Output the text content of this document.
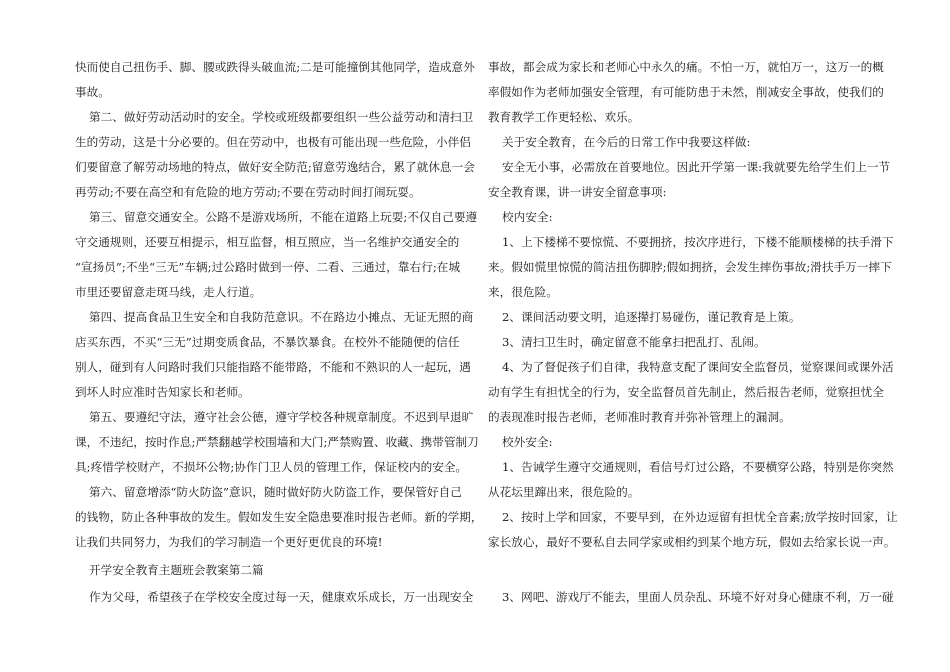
快而使自己扭伤手、脚、腰或跌得头破血流;二是可能撞倒其他同学，造成意外
事故。
第二、做好劳动活动时的安全。学校或班级都要组织一些公益劳动和清扫卫
生的劳动，这是十分必要的。但在劳动中，也极有可能出现一些危险，小伴侣
们要留意了解劳动场地的特点，做好安全防范;留意劳逸结合，累了就休息一会
再劳动;不要在高空和有危险的地方劳动;不要在劳动时间打闹玩耍。
第三、留意交通安全。公路不是游戏场所，不能在道路上玩耍;不仅自己要遵
守交通规则，还要互相提示，相互监督，相互照应，当一名维护交通安全的
“宣扬员”;不坐“三无”车辆;过公路时做到一停、二看、三通过，靠右行;在城
市里还要留意走斑马线，走人行道。
第四、提高食品卫生安全和自我防范意识。不在路边小摊点、无证无照的商
店买东西，不买“三无”过期变质食品，不暴饮暴食。在校外不能随便的信任
别人，碰到有人问路时我们只能指路不能带路，不能和不熟识的人一起玩，遇
到坏人时应准时告知家长和老师。
第五、要遵纪守法，遵守社会公德，遵守学校各种规章制度。不迟到早退旷
课，不违纪，按时作息;严禁翻越学校围墙和大门;严禁购置、收藏、携带管制刀
具;疼惜学校财产，不损坏公物;协作门卫人员的管理工作，保证校内的安全。
第六、留意增添“防火防盗”意识，随时做好防火防盗工作，要保管好自己
的钱物，防止各种事故的发生。假如发生安全隐患要准时报告老师。新的学期，
让我们共同努力，为我们的学习制造一个更好更优良的环境!
开学安全教育主题班会教案第二篇
作为父母，希望孩子在学校安全度过每一天，健康欢乐成长，万一出现安全
事故，都会成为家长和老师心中永久的痛。不怕一万，就怕万一，这万一的概
率假如作为老师加强安全管理，有可能防患于未然，削减安全事故，使我们的
教育教学工作更轻松、欢乐。
关于安全教育，在今后的日常工作中我要这样做:
安全无小事，必需放在首要地位。因此开学第一课:我就要先给学生们上一节
安全教育课，讲一讲安全留意事项:
校内安全:
1、上下楼梯不要惊慌、不要拥挤，按次序进行，下楼不能顺楼梯的扶手滑下
来。假如慌里惊慌的简洁扭伤脚脖;假如拥挤，会发生摔伤事故;滑扶手万一摔下
来，很危险。
2、课间活动要文明，追逐撵打易碰伤，谨记教育是上策。
3、清扫卫生时，确定留意不能拿扫把乱打、乱闹。
4、为了督促孩子们自律，我特意支配了课间安全监督员，觉察课间或课外活
动有学生有担忧全的行为，安全监督员首先制止，然后报告老师，觉察担忧全
的表现准时报告老师，老师准时教育并弥补管理上的漏洞。
校外安全:
1、告诫学生遵守交通规则，看信号灯过公路，不要横穿公路，特别是你突然
从花坛里蹿出来，很危险的。
2、按时上学和回家，不要早到，在外边逗留有担忧全音素;放学按时回家，让
家长放心，最好不要私自去同学家或相约到某个地方玩，假如去给家长说一声。
3、网吧、游戏厅不能去，里面人员杂乱、环境不好对身心健康不利，万一碰
